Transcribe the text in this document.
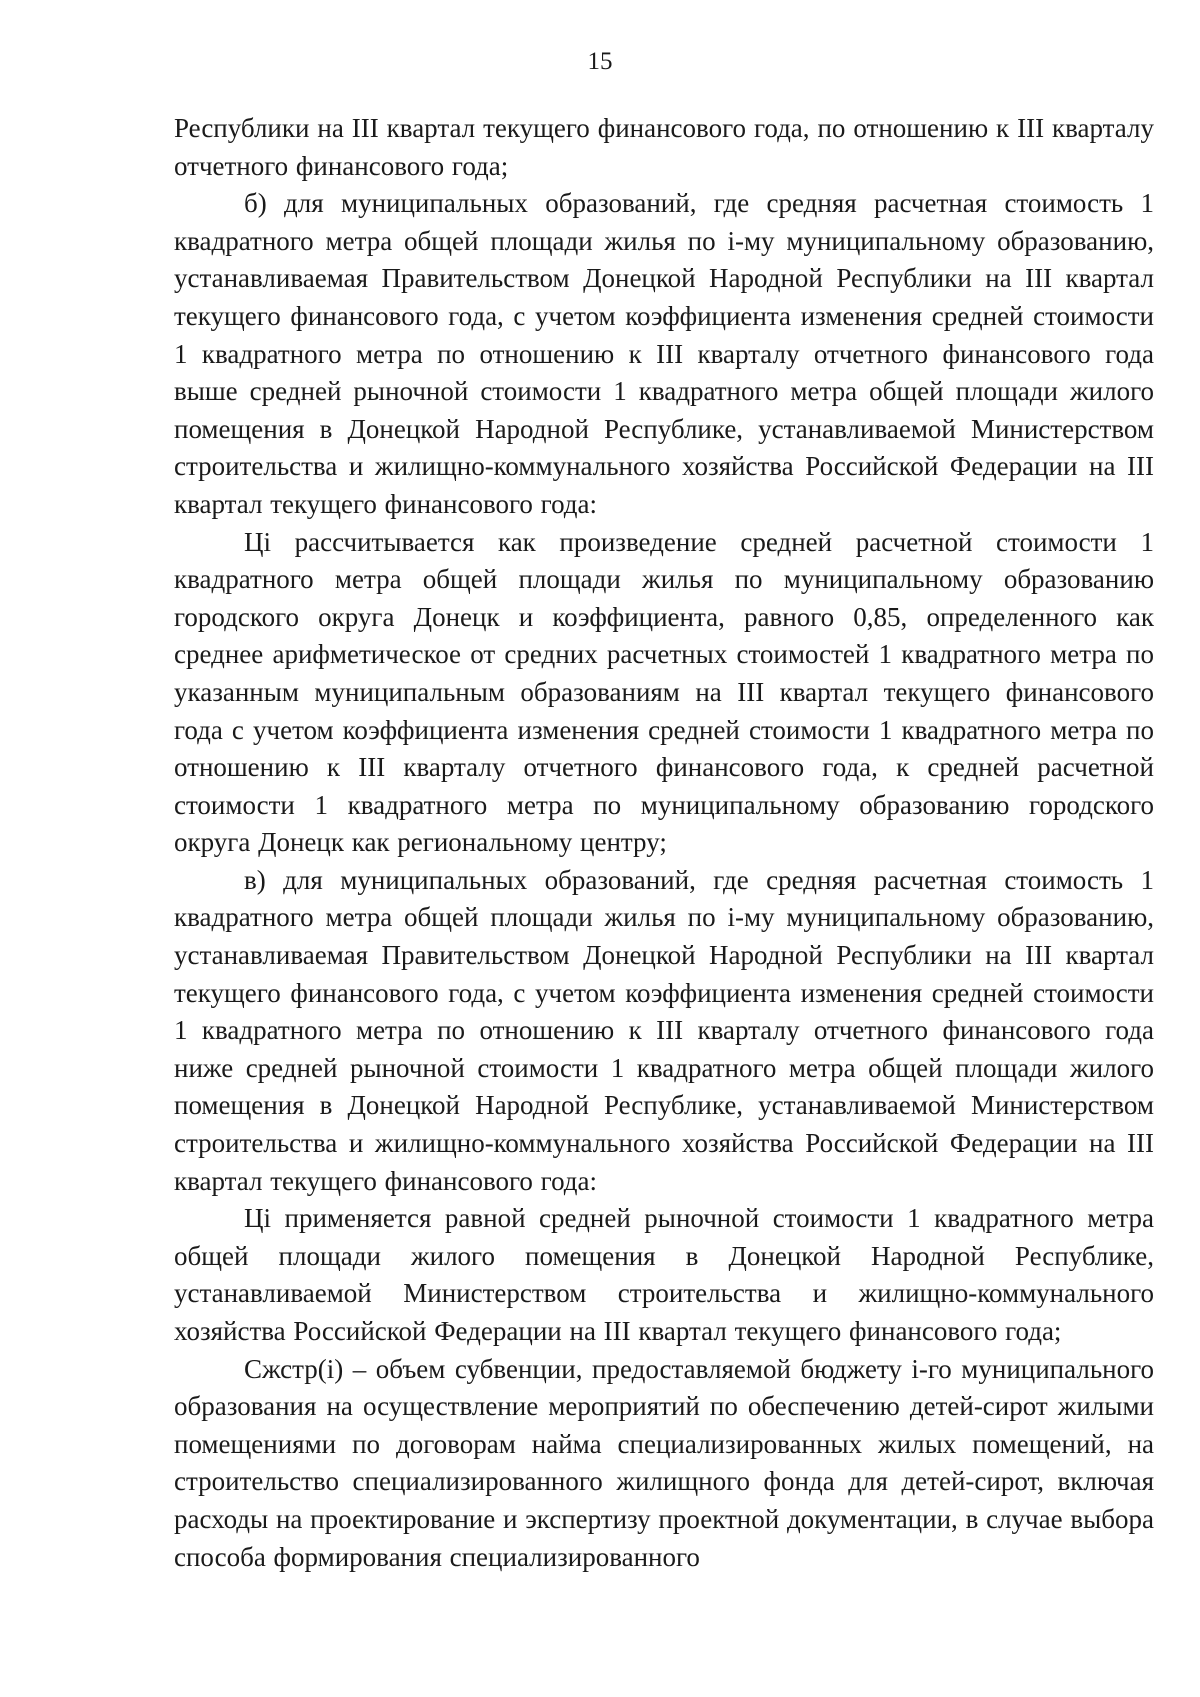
15

Республики на III квартал текущего финансового года, по отношению к III кварталу отчетного финансового года;

б) для муниципальных образований, где средняя расчетная стоимость 1 квадратного метра общей площади жилья по i-му муниципальному образованию, устанавливаемая Правительством Донецкой Народной Республики на III квартал текущего финансового года, с учетом коэффициента изменения средней стоимости 1 квадратного метра по отношению к III кварталу отчетного финансового года выше средней рыночной стоимости 1 квадратного метра общей площади жилого помещения в Донецкой Народной Республике, устанавливаемой Министерством строительства и жилищно-коммунального хозяйства Российской Федерации на III квартал текущего финансового года:

Цi рассчитывается как произведение средней расчетной стоимости 1 квадратного метра общей площади жилья по муниципальному образованию городского округа Донецк и коэффициента, равного 0,85, определенного как среднее арифметическое от средних расчетных стоимостей 1 квадратного метра по указанным муниципальным образованиям на III квартал текущего финансового года с учетом коэффициента изменения средней стоимости 1 квадратного метра по отношению к III кварталу отчетного финансового года, к средней расчетной стоимости 1 квадратного метра по муниципальному образованию городского округа Донецк как региональному центру;

в) для муниципальных образований, где средняя расчетная стоимость 1 квадратного метра общей площади жилья по i-му муниципальному образованию, устанавливаемая Правительством Донецкой Народной Республики на III квартал текущего финансового года, с учетом коэффициента изменения средней стоимости 1 квадратного метра по отношению к III кварталу отчетного финансового года ниже средней рыночной стоимости 1 квадратного метра общей площади жилого помещения в Донецкой Народной Республике, устанавливаемой Министерством строительства и жилищно-коммунального хозяйства Российской Федерации на III квартал текущего финансового года:

Цi применяется равной средней рыночной стоимости 1 квадратного метра общей площади жилого помещения в Донецкой Народной Республике, устанавливаемой Министерством строительства и жилищно-коммунального хозяйства Российской Федерации на III квартал текущего финансового года;

Сжстр(i) – объем субвенции, предоставляемой бюджету i-го муниципального образования на осуществление мероприятий по обеспечению детей-сирот жилыми помещениями по договорам найма специализированных жилых помещений, на строительство специализированного жилищного фонда для детей-сирот, включая расходы на проектирование и экспертизу проектной документации, в случае выбора способа формирования специализированного
